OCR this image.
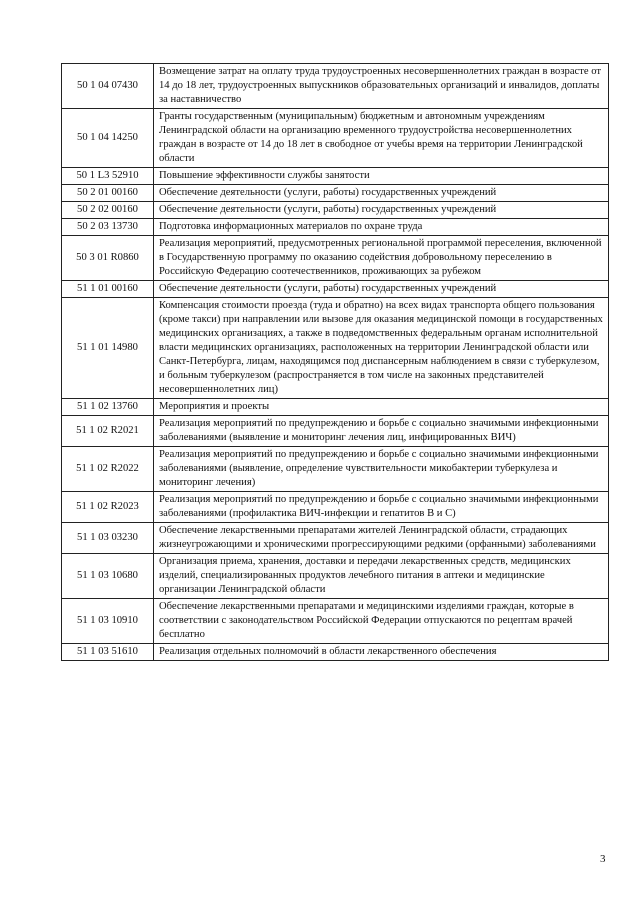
50 1 04 07430	Возмещение затрат на оплату труда трудоустроенных несовершеннолетних граждан в возрасте от 14 до 18 лет, трудоустроенных выпускников образовательных организаций и инвалидов, доплаты за наставничество
50 1 04 14250	Гранты государственным (муниципальным) бюджетным и автономным учреждениям Ленинградской области на организацию временного трудоустройства несовершеннолетних граждан в возрасте от 14 до 18 лет в свободное от учебы время на территории Ленинградской области
50 1 L3 52910	Повышение эффективности службы занятости
50 2 01 00160	Обеспечение деятельности (услуги, работы) государственных учреждений
50 2 02 00160	Обеспечение деятельности (услуги, работы) государственных учреждений
50 2 03 13730	Подготовка информационных материалов по охране труда
50 3 01 R0860	Реализация мероприятий, предусмотренных региональной программой переселения, включенной в Государственную программу по оказанию содействия добровольному переселению в Российскую Федерацию соотечественников, проживающих за рубежом
51 1 01 00160	Обеспечение деятельности (услуги, работы) государственных учреждений
51 1 01 14980	Компенсация стоимости проезда (туда и обратно) на всех видах транспорта общего пользования (кроме такси) при направлении или вызове для оказания медицинской помощи в государственных медицинских организациях, а также в подведомственных федеральным органам исполнительной власти медицинских организациях, расположенных на территории Ленинградской области или Санкт-Петербурга, лицам, находящимся под диспансерным наблюдением в связи с туберкулезом, и больным туберкулезом (распространяется в том числе на законных представителей несовершеннолетних лиц)
51 1 02 13760	Мероприятия и проекты
51 1 02 R2021	Реализация мероприятий по предупреждению и борьбе с социально значимыми инфекционными заболеваниями (выявление и мониторинг лечения лиц, инфицированных ВИЧ)
51 1 02 R2022	Реализация мероприятий по предупреждению и борьбе с социально значимыми инфекционными заболеваниями (выявление, определение чувствительности микобактерии туберкулеза и мониторинг лечения)
51 1 02 R2023	Реализация мероприятий по предупреждению и борьбе с социально значимыми инфекционными заболеваниями (профилактика ВИЧ-инфекции и гепатитов В и С)
51 1 03 03230	Обеспечение лекарственными препаратами жителей Ленинградской области, страдающих жизнеугрожающими и хроническими прогрессирующими редкими (орфанными) заболеваниями
51 1 03 10680	Организация приема, хранения, доставки и передачи лекарственных средств, медицинских изделий, специализированных продуктов лечебного питания в аптеки и медицинские организации Ленинградской области
51 1 03 10910	Обеспечение лекарственными препаратами и медицинскими изделиями граждан, которые в соответствии с законодательством Российской Федерации отпускаются по рецептам врачей бесплатно
51 1 03 51610	Реализация отдельных полномочий в области лекарственного обеспечения
3
